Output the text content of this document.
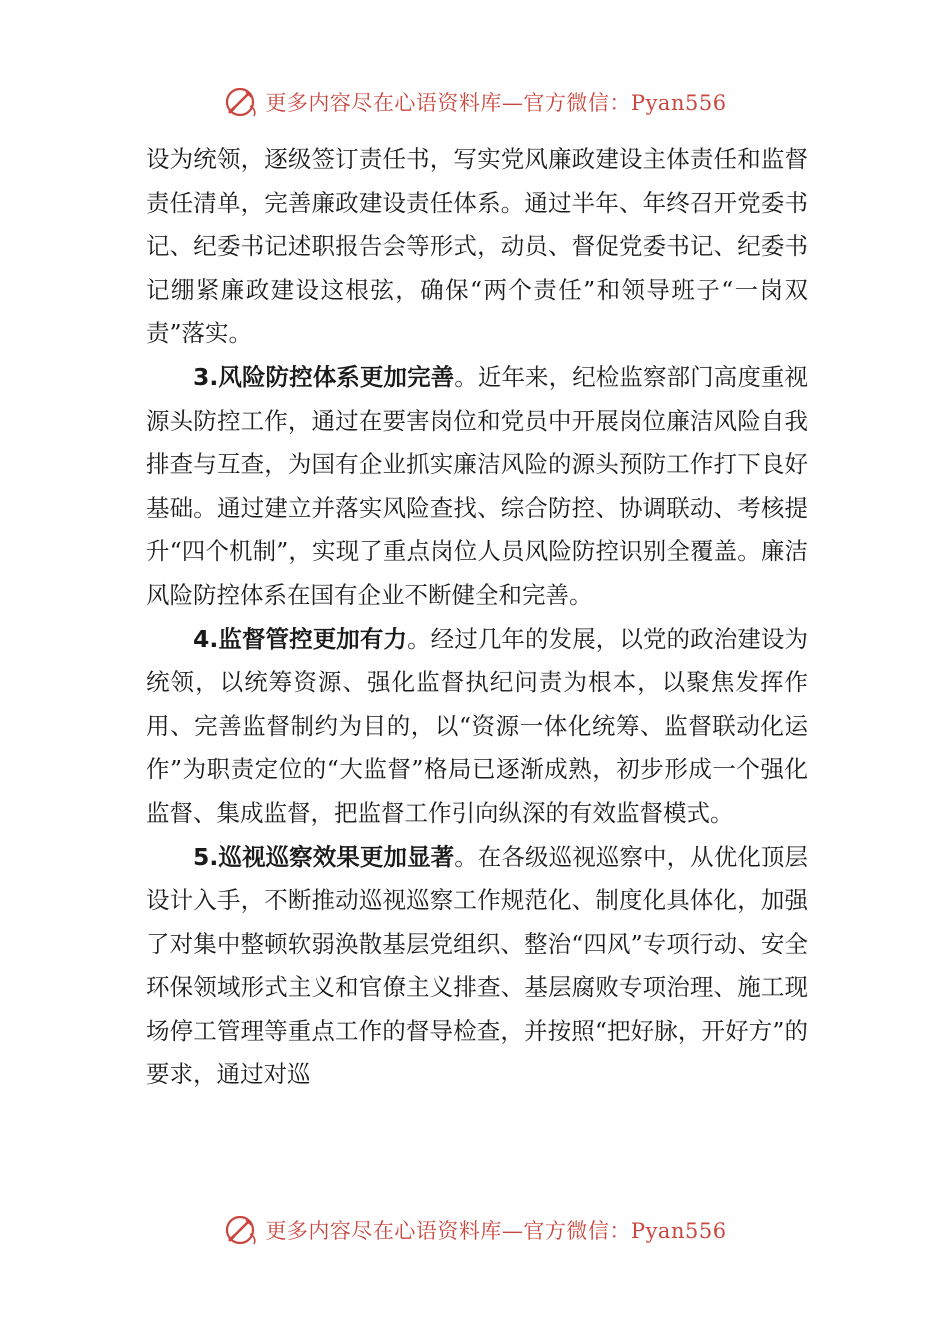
更多内容尽在心语资料库—官方微信：Pyan556

设为统领，逐级签订责任书，写实党风廉政建设主体责任和监督责任清单，完善廉政建设责任体系。通过半年、年终召开党委书记、纪委书记述职报告会等形式，动员、督促党委书记、纪委书记绷紧廉政建设这根弦，确保“两个责任”和领导班子“一岗双责”落实。

3.风险防控体系更加完善。近年来，纪检监察部门高度重视源头防控工作，通过在要害岗位和党员中开展岗位廉洁风险自我排查与互查，为国有企业抓实廉洁风险的源头预防工作打下良好基础。通过建立并落实风险查找、综合防控、协调联动、考核提升“四个机制”，实现了重点岗位人员风险防控识别全覆盖。廉洁风险防控体系在国有企业不断健全和完善。

4.监督管控更加有力。经过几年的发展，以党的政治建设为统领，以统筹资源、强化监督执纪问责为根本，以聚焦发挥作用、完善监督制约为目的，以“资源一体化统筹、监督联动化运作”为职责定位的“大监督”格局已逐渐成熟，初步形成一个强化监督、集成监督，把监督工作引向纵深的有效监督模式。

5.巡视巡察效果更加显著。在各级巡视巡察中，从优化顶层设计入手，不断推动巡视巡察工作规范化、制度化具体化，加强了对集中整顿软弱涣散基层党组织、整治“四风”专项行动、安全环保领域形式主义和官僚主义排查、基层腐败专项治理、施工现场停工管理等重点工作的督导检查，并按照“把好脉，开好方”的要求，通过对巡

更多内容尽在心语资料库—官方微信：Pyan556
